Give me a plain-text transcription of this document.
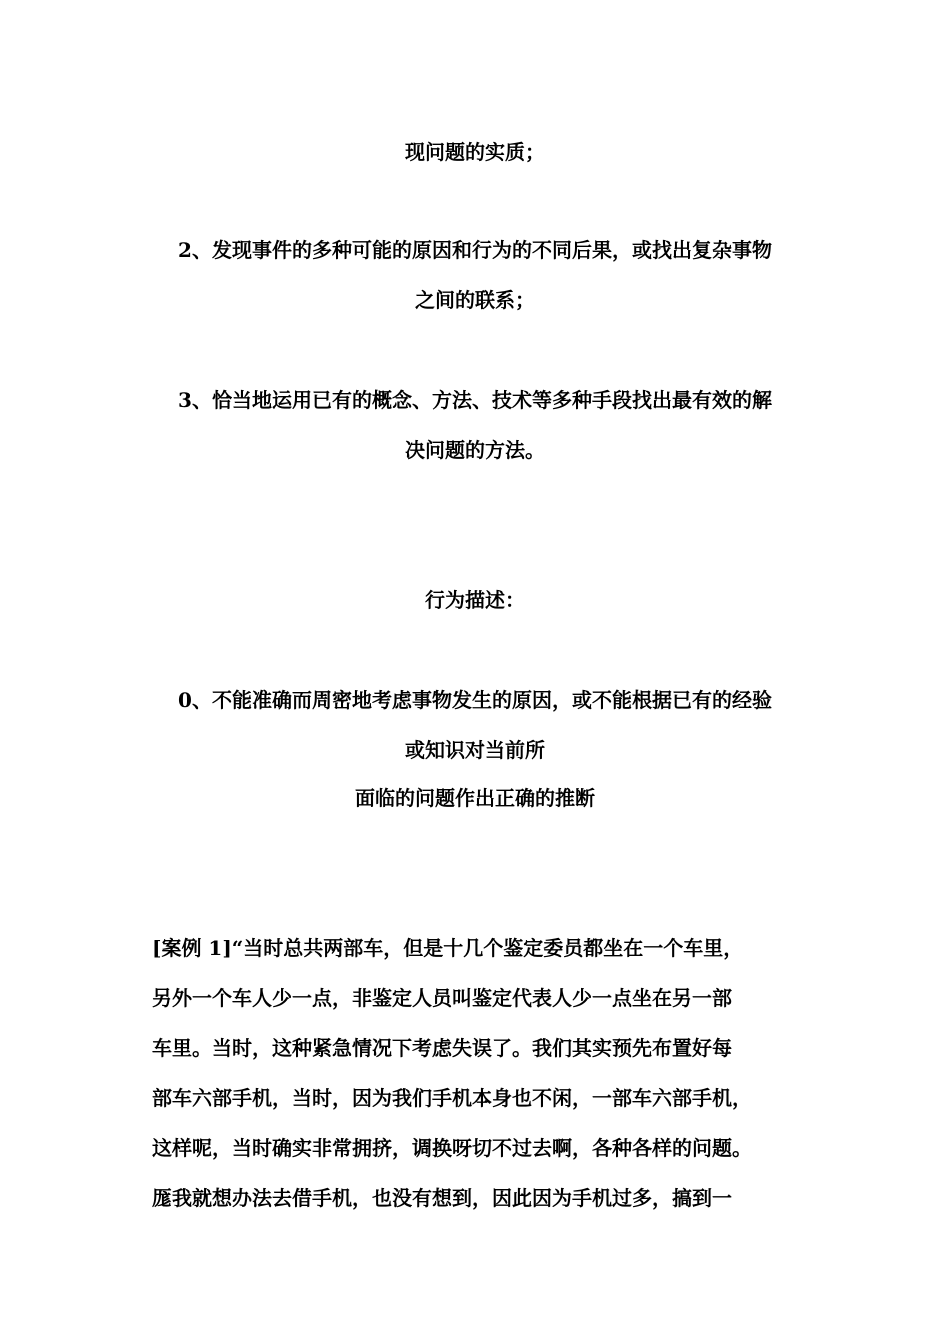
现问题的实质；
2、发现事件的多种可能的原因和行为的不同后果，或找出复杂事物
之间的联系；
3、恰当地运用已有的概念、方法、技术等多种手段找出最有效的解
决问题的方法。
行为描述：
0、不能准确而周密地考虑事物发生的原因，或不能根据已有的经验
或知识对当前所
面临的问题作出正确的推断
[案例 1]“当时总共两部车，但是十几个鉴定委员都坐在一个车里，
另外一个车人少一点，非鉴定人员叫鉴定代表人少一点坐在另一部
车里。当时，这种紧急情况下考虑失误了。我们其实预先布置好每
部车六部手机，当时，因为我们手机本身也不闲，一部车六部手机，
这样呢，当时确实非常拥挤，调换呀切不过去啊，各种各样的问题。
厖我就想办法去借手机，也没有想到，因此因为手机过多，搞到一
